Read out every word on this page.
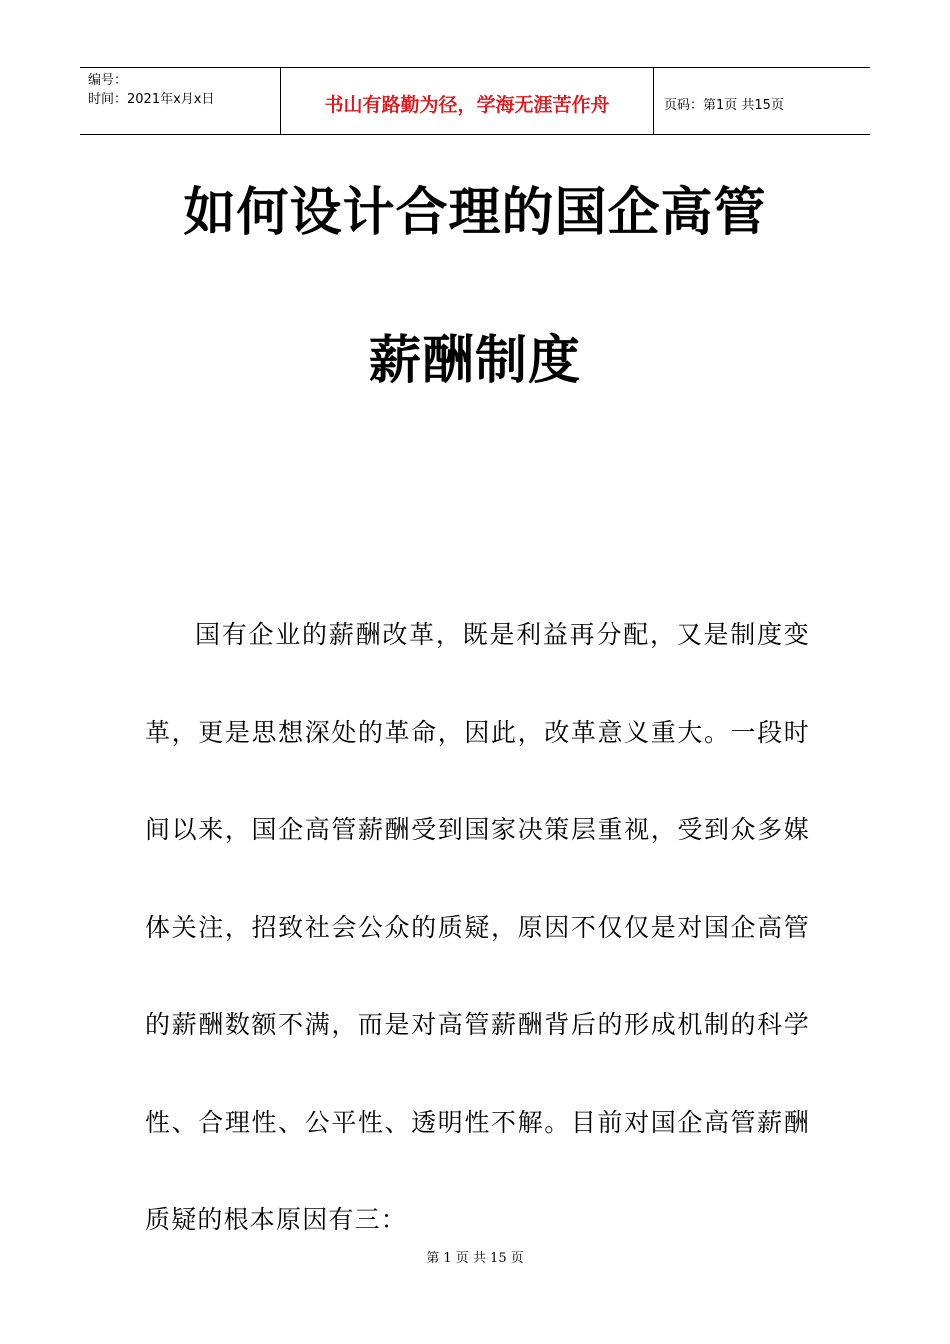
编号：
时间：2021年x月x日	书山有路勤为径，学海无涯苦作舟	页码：第1页 共15页
如何设计合理的国企高管
薪酬制度
国有企业的薪酬改革，既是利益再分配，又是制度变革，更是思想深处的革命，因此，改革意义重大。一段时间以来，国企高管薪酬受到国家决策层重视，受到众多媒体关注，招致社会公众的质疑，原因不仅仅是对国企高管的薪酬数额不满，而是对高管薪酬背后的形成机制的科学性、合理性、公平性、透明性不解。目前对国企高管薪酬质疑的根本原因有三：
第 1 页 共 15 页
